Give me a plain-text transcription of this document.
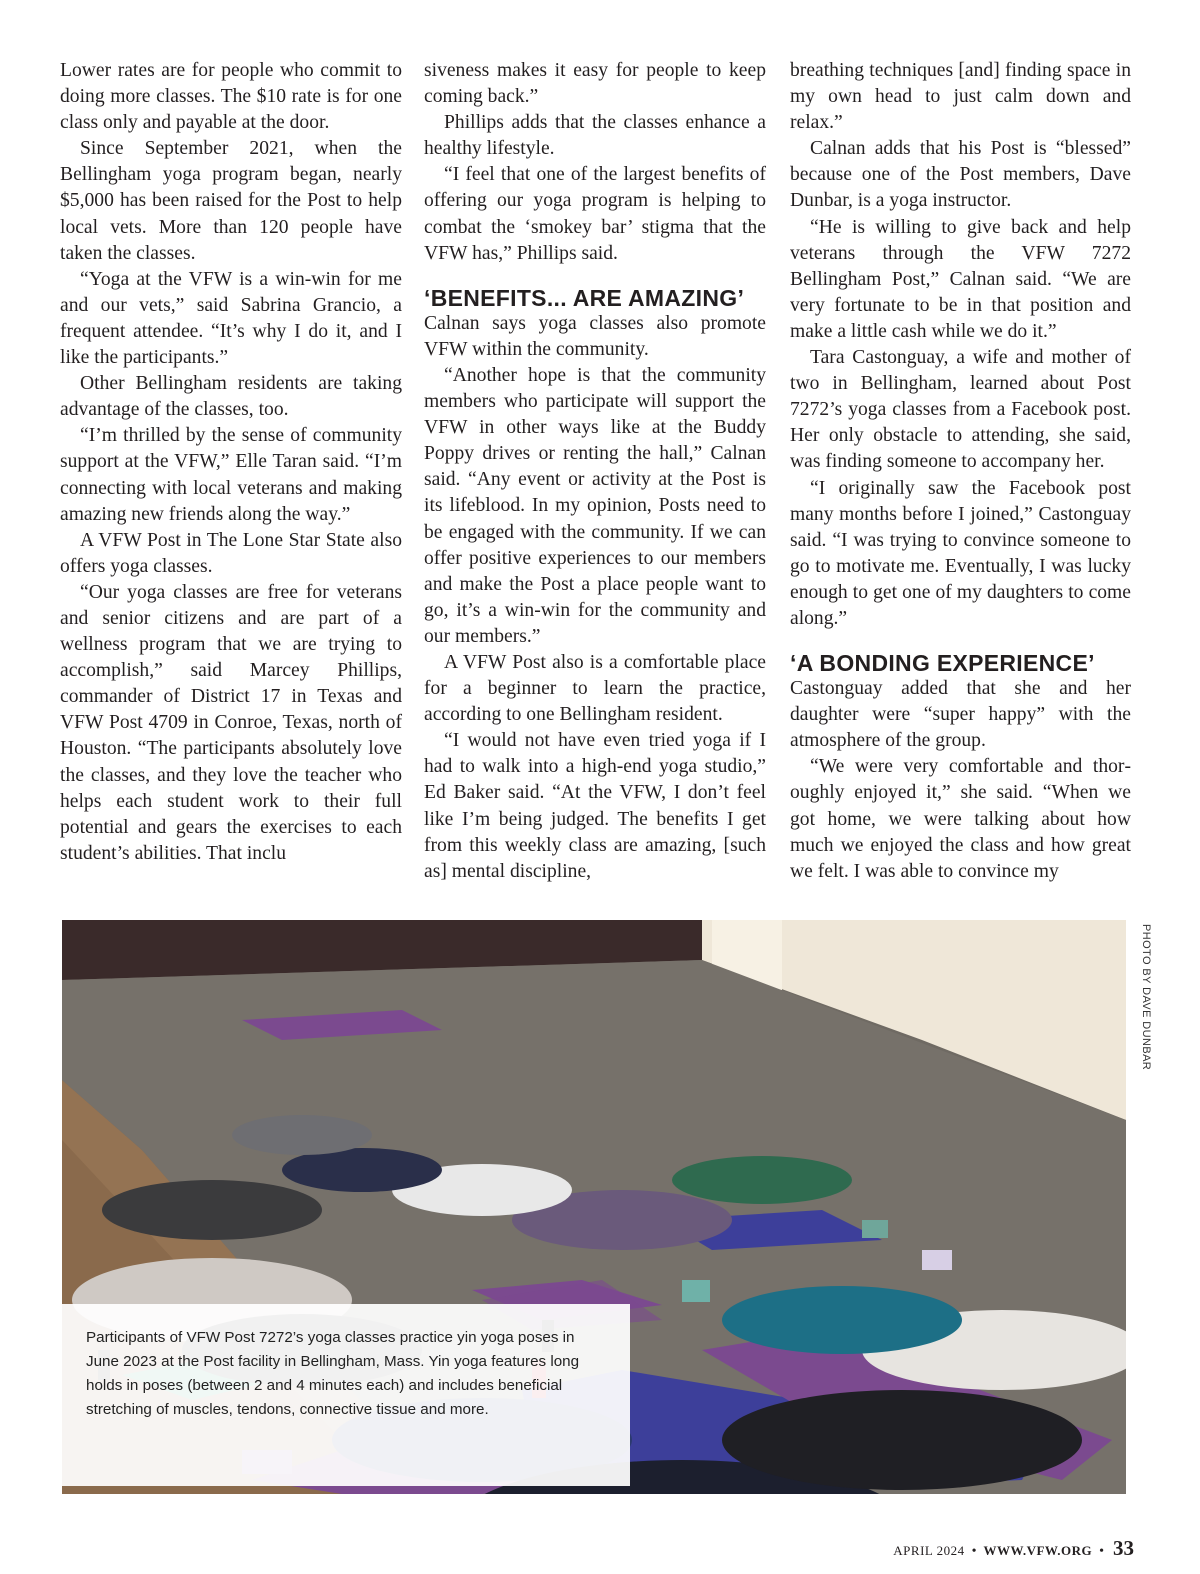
Lower rates are for people who commit to doing more classes. The $10 rate is for one class only and payable at the door.

Since September 2021, when the Bellingham yoga program began, nearly $5,000 has been raised for the Post to help local vets. More than 120 people have taken the classes.

“Yoga at the VFW is a win-win for me and our vets,” said Sabrina Grancio, a frequent attendee. “It’s why I do it, and I like the participants.”

Other Bellingham residents are taking advantage of the classes, too.

“I’m thrilled by the sense of community support at the VFW,” Elle Taran said. “I’m connecting with local veterans and making amazing new friends along the way.”

A VFW Post in The Lone Star State also offers yoga classes.

“Our yoga classes are free for veterans and senior citizens and are part of a wellness program that we are trying to accomplish,” said Marcey Phillips, commander of District 17 in Texas and VFW Post 4709 in Conroe, Texas, north of Houston. “The participants absolutely love the classes, and they love the teacher who helps each student work to their full potential and gears the exercises to each student’s abilities. That inclu

siveness makes it easy for people to keep coming back.”

Phillips adds that the classes enhance a healthy lifestyle.

“I feel that one of the largest benefits of offering our yoga program is helping to combat the ‘smokey bar’ stigma that the VFW has,” Phillips said.

‘BENEFITS... ARE AMAZING’

Calnan says yoga classes also promote VFW within the community.

“Another hope is that the community members who participate will support the VFW in other ways like at the Buddy Poppy drives or renting the hall,” Calnan said. “Any event or activity at the Post is its lifeblood. In my opinion, Posts need to be engaged with the community. If we can offer positive experiences to our members and make the Post a place people want to go, it’s a win-win for the community and our members.”

A VFW Post also is a comfortable place for a beginner to learn the practice, according to one Bellingham resident.

“I would not have even tried yoga if I had to walk into a high-end yoga studio,” Ed Baker said. “At the VFW, I don’t feel like I’m being judged. The benefits I get from this weekly class are amazing, [such as] mental discipline,

breathing techniques [and] finding space in my own head to just calm down and relax.”

Calnan adds that his Post is “blessed” because one of the Post members, Dave Dunbar, is a yoga instructor.

“He is willing to give back and help veterans through the VFW 7272 Bellingham Post,” Calnan said. “We are very fortunate to be in that position and make a little cash while we do it.”

Tara Castonguay, a wife and mother of two in Bellingham, learned about Post 7272’s yoga classes from a Facebook post. Her only obstacle to attending, she said, was finding someone to accompany her.

“I originally saw the Facebook post many months before I joined,” Castonguay said. “I was trying to convince someone to go to motivate me. Eventually, I was lucky enough to get one of my daughters to come along.”

‘A BONDING EXPERIENCE’

Castonguay added that she and her daughter were “super happy” with the atmosphere of the group.

“We were very comfortable and thoroughly enjoyed it,” she said. “When we got home, we were talking about how much we enjoyed the class and how great we felt. I was able to convince my

PHOTO BY DAVE DUNBAR

Participants of VFW Post 7272’s yoga classes practice yin yoga poses in June 2023 at the Post facility in Bellingham, Mass. Yin yoga features long holds in poses (between 2 and 4 minutes each) and includes beneficial stretching of muscles, tendons, connective tissue and more.

APRIL 2024 • WWW.VFW.ORG • 33
